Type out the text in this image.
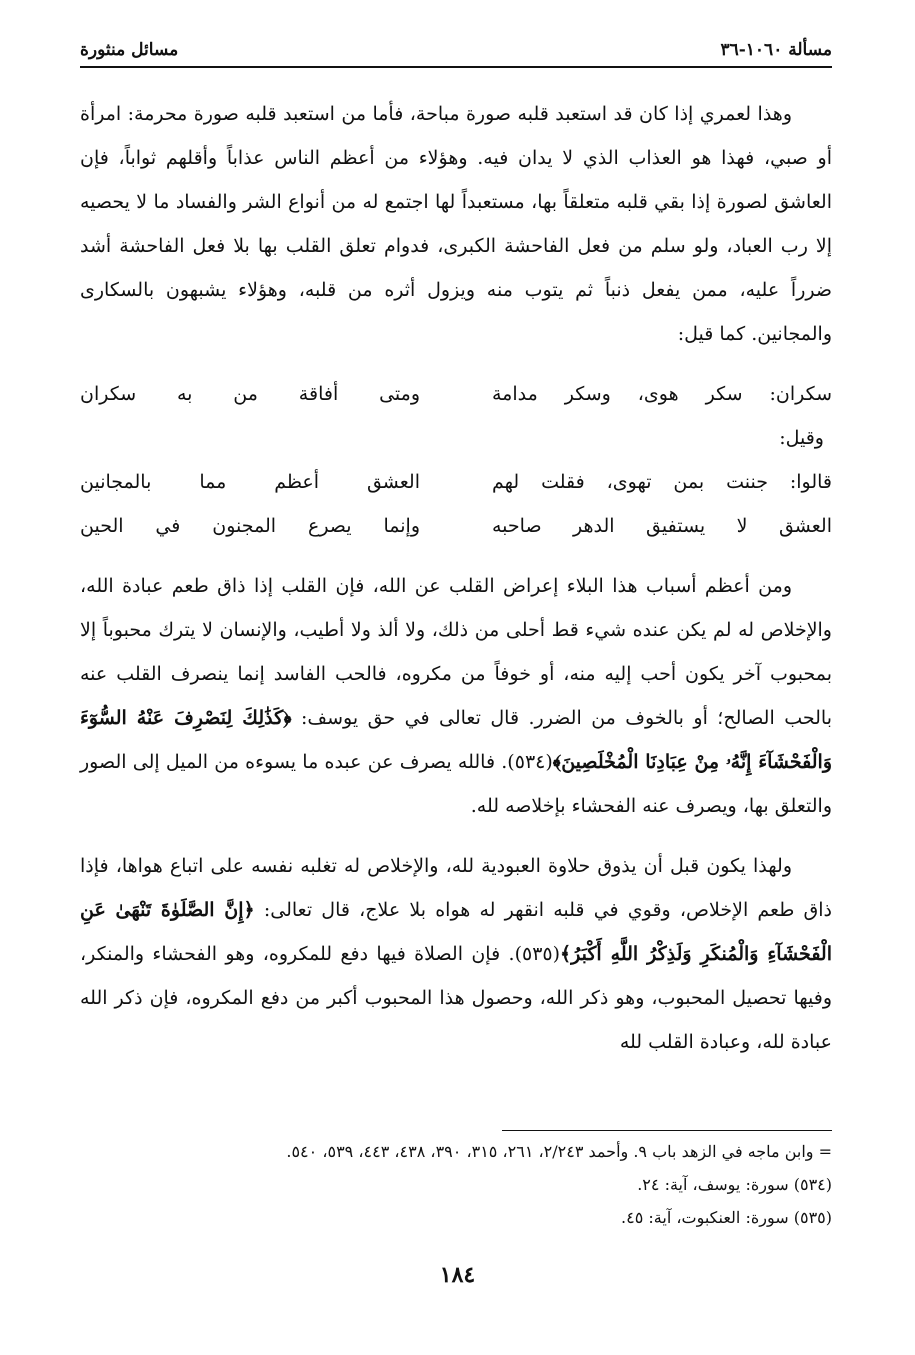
مسألة ١٠٦٠-٣٦
مسائل منثورة

وهذا لعمري إذا كان قد استعبد قلبه صورة مباحة، فأما من استعبد قلبه صورة محرمة: امرأة أو صبي، فهذا هو العذاب الذي لا يدان فيه. وهؤلاء من أعظم الناس عذاباً وأقلهم ثواباً، فإن العاشق لصورة إذا بقي قلبه متعلقاً بها، مستعبداً لها اجتمع له من أنواع الشر والفساد ما لا يحصيه إلا رب العباد، ولو سلم من فعل الفاحشة الكبرى، فدوام تعلق القلب بها بلا فعل الفاحشة أشد ضرراً عليه، ممن يفعل ذنباً ثم يتوب منه ويزول أثره من قلبه، وهؤلاء يشبهون بالسكارى والمجانين. كما قيل:

سكران: سكر هوى، وسكر مدامة
ومتى أفاقة من به سكران
وقيل:
قالوا: جننت بمن تهوى، فقلت لهم
العشق أعظم مما بالمجانين
العشق لا يستفيق الدهر صاحبه
وإنما يصرع المجنون في الحين

ومن أعظم أسباب هذا البلاء إعراض القلب عن الله، فإن القلب إذا ذاق طعم عبادة الله، والإخلاص له لم يكن عنده شيء قط أحلى من ذلك، ولا ألذ ولا أطيب، والإنسان لا يترك محبوباً إلا بمحبوب آخر يكون أحب إليه منه، أو خوفاً من مكروه، فالحب الفاسد إنما ينصرف القلب عنه بالحب الصالح؛ أو بالخوف من الضرر. قال تعالى في حق يوسف: ﴿كَذَٰلِكَ لِنَصْرِفَ عَنْهُ السُّوٓءَ وَالْفَحْشَآءَ إِنَّهُۥ مِنْ عِبَادِنَا الْمُخْلَصِينَ﴾(٥٣٤). فالله يصرف عن عبده ما يسوءه من الميل إلى الصور والتعلق بها، ويصرف عنه الفحشاء بإخلاصه لله.

ولهذا يكون قبل أن يذوق حلاوة العبودية لله، والإخلاص له تغلبه نفسه على اتباع هواها، فإذا ذاق طعم الإخلاص، وقوي في قلبه انقهر له هواه بلا علاج، قال تعالى: ﴿إِنَّ الصَّلَوٰةَ تَنْهَىٰ عَنِ الْفَحْشَآءِ وَالْمُنكَرِ وَلَذِكْرُ اللَّهِ أَكْبَرُ﴾(٥٣٥). فإن الصلاة فيها دفع للمكروه، وهو الفحشاء والمنكر، وفيها تحصيل المحبوب، وهو ذكر الله، وحصول هذا المحبوب أكبر من دفع المكروه، فإن ذكر الله عبادة لله، وعبادة القلب لله

= وابن ماجه في الزهد باب ٩. وأحمد ٢/٢٤٣، ٢٦١، ٣١٥، ٣٩٠، ٤٣٨، ٤٤٣، ٥٣٩، ٥٤٠.

(٥٣٤) سورة: يوسف، آية: ٢٤.

(٥٣٥) سورة: العنكبوت، آية: ٤٥.

١٨٤
